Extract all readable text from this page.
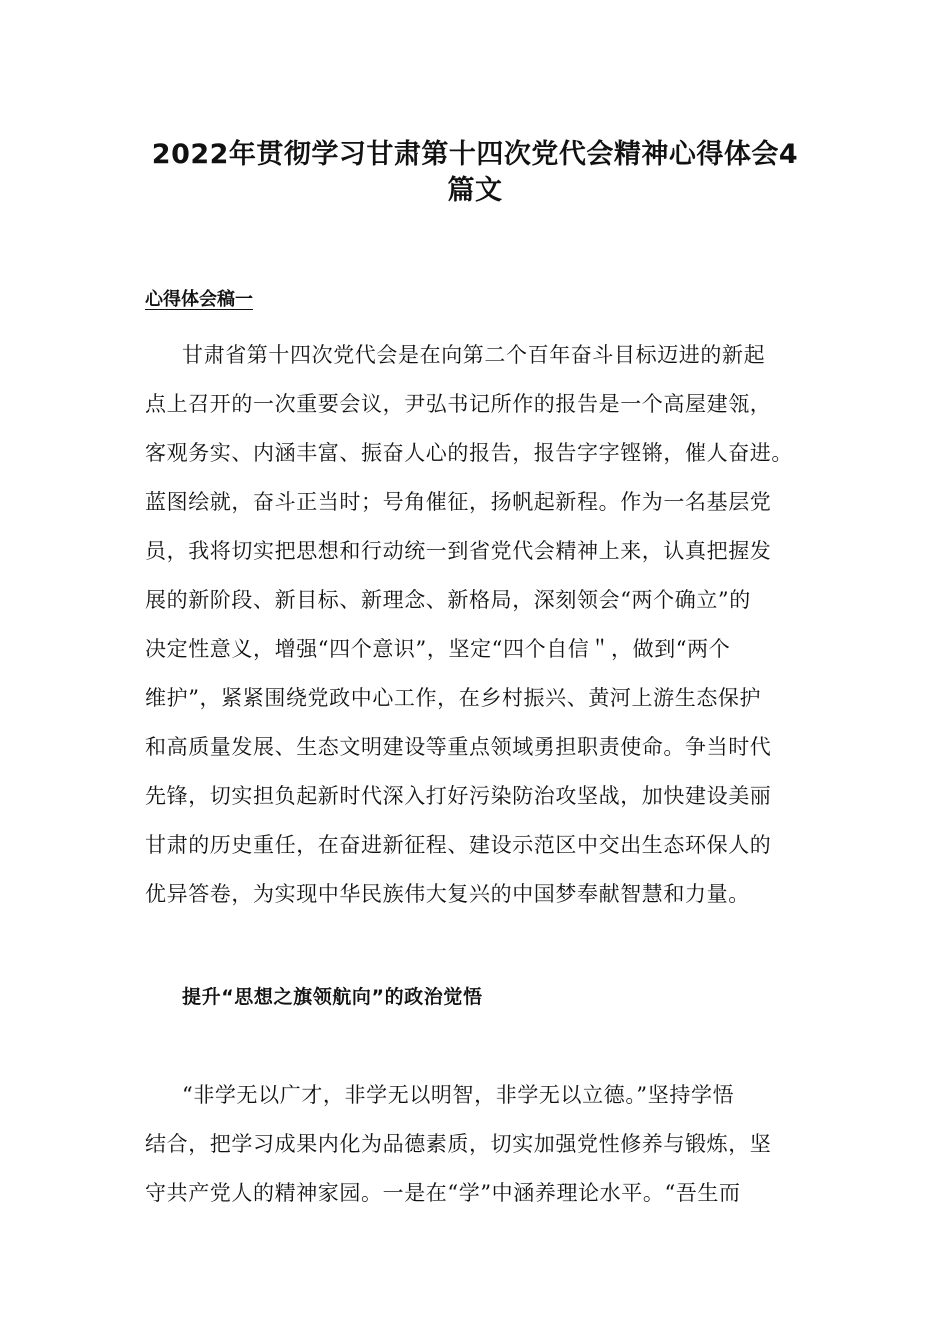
2022年贯彻学习甘肃第十四次党代会精神心得体会4
篇文
心得体会稿一
甘肃省第十四次党代会是在向第二个百年奋斗目标迈进的新起
点上召开的一次重要会议，尹弘书记所作的报告是一个高屋建瓴，
客观务实、内涵丰富、振奋人心的报告，报告字字铿锵，催人奋进。
蓝图绘就，奋斗正当时；号角催征，扬帆起新程。作为一名基层党
员，我将切实把思想和行动统一到省党代会精神上来，认真把握发
展的新阶段、新目标、新理念、新格局，深刻领会“两个确立”的
决定性意义，增强“四个意识”，坚定“四个自信＂，做到“两个
维护”，紧紧围绕党政中心工作，在乡村振兴、黄河上游生态保护
和高质量发展、生态文明建设等重点领域勇担职责使命。争当时代
先锋，切实担负起新时代深入打好污染防治攻坚战，加快建设美丽
甘肃的历史重任，在奋进新征程、建设示范区中交出生态环保人的
优异答卷，为实现中华民族伟大复兴的中国梦奉献智慧和力量。
提升“思想之旗领航向”的政治觉悟
“非学无以广才，非学无以明智，非学无以立德。”坚持学悟
结合，把学习成果内化为品德素质，切实加强党性修养与锻炼，坚
守共产党人的精神家园。一是在“学”中涵养理论水平。“吾生而
